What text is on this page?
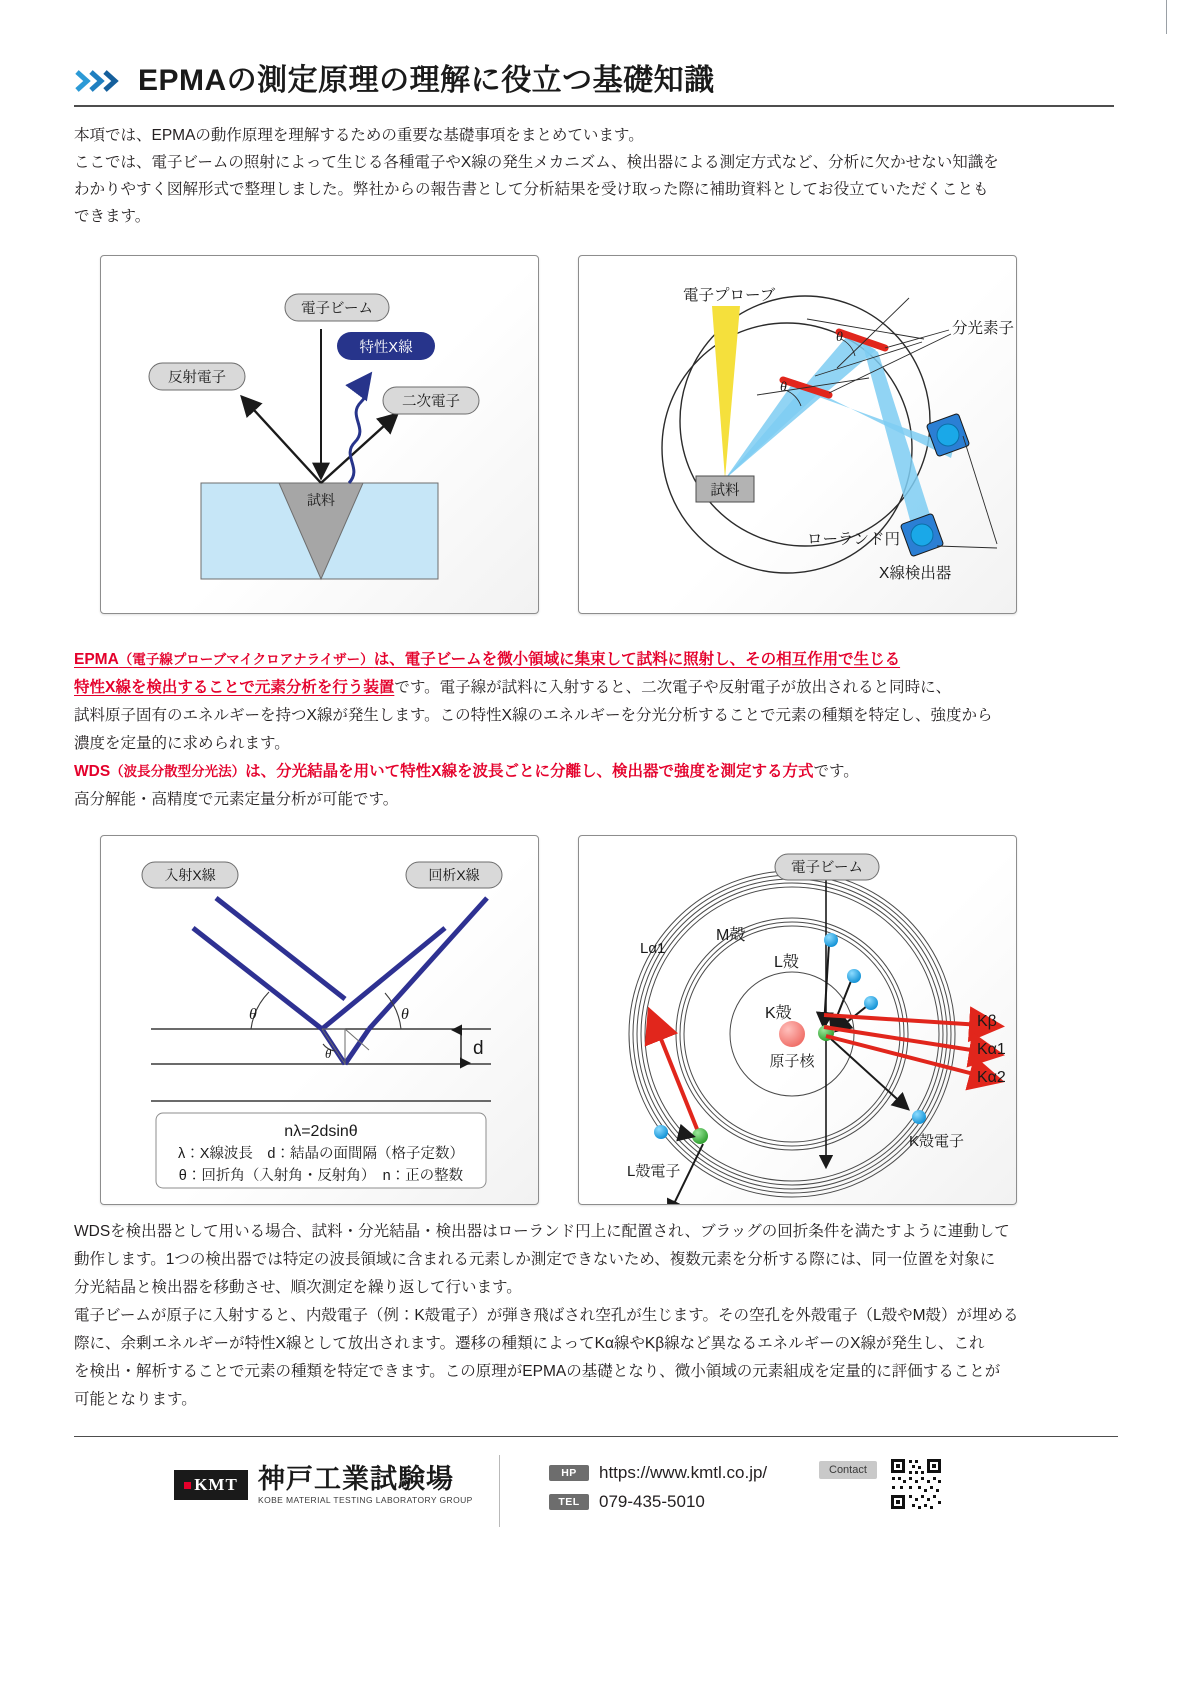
EPMAの測定原理の理解に役立つ基礎知識

本項では、EPMAの動作原理を理解するための重要な基礎事項をまとめています。

ここでは、電子ビームの照射によって生じる各種電子やX線の発生メカニズム、検出器による測定方式など、分析に欠かせない知識を

わかりやすく図解形式で整理しました。弊社からの報告書として分析結果を受け取った際に補助資料としてお役立ていただくことも

できます。

試料
電子ビーム
反射電子
特性X線
二次電子
θ
θ
試料
電子プローブ
分光素子
ローランド円
X線検出器

EPMA（電子線プローブマイクロアナライザー）は、電子ビームを微小領域に集束して試料に照射し、その相互作用で生じる

特性X線を検出することで元素分析を行う装置です。電子線が試料に入射すると、二次電子や反射電子が放出されると同時に、

試料原子固有のエネルギーを持つX線が発生します。この特性X線のエネルギーを分光分析することで元素の種類を特定し、強度から

濃度を定量的に求められます。

WDS（波長分散型分光法）は、分光結晶を用いて特性X線を波長ごとに分離し、検出器で強度を測定する方式です。

高分解能・高精度で元素定量分析が可能です。

θ	θ
θ	d
入射X線	回析X線
nλ=2dsinθ
λ：X線波長　d：結晶の面間隔（格子定数）
θ：回折角（入射角・反射角）　n：正の整数
原子核
電子ビーム
M殻
L殻
K殻
Lα1
Kβ
Kα1
Kα2
K殻電子
L殻電子

WDSを検出器として用いる場合、試料・分光結晶・検出器はローランド円上に配置され、ブラッグの回折条件を満たすように連動して

動作します。1つの検出器では特定の波長領域に含まれる元素しか測定できないため、複数元素を分析する際には、同一位置を対象に

分光結晶と検出器を移動させ、順次測定を繰り返して行います。

電子ビームが原子に入射すると、内殻電子（例：K殻電子）が弾き飛ばされ空孔が生じます。その空孔を外殻電子（L殻やM殻）が埋める

際に、余剰エネルギーが特性X線として放出されます。遷移の種類によってKα線やKβ線など異なるエネルギーのX線が発生し、これ

を検出・解析することで元素の種類を特定できます。この原理がEPMAの基礎となり、微小領域の元素組成を定量的に評価することが

可能となります。

KMT 神戸工業試験場
KOBE MATERIAL TESTING LABORATORY GROUP
HP	https://www.kmtl.co.jp/
TEL	079-435-5010
Contact
